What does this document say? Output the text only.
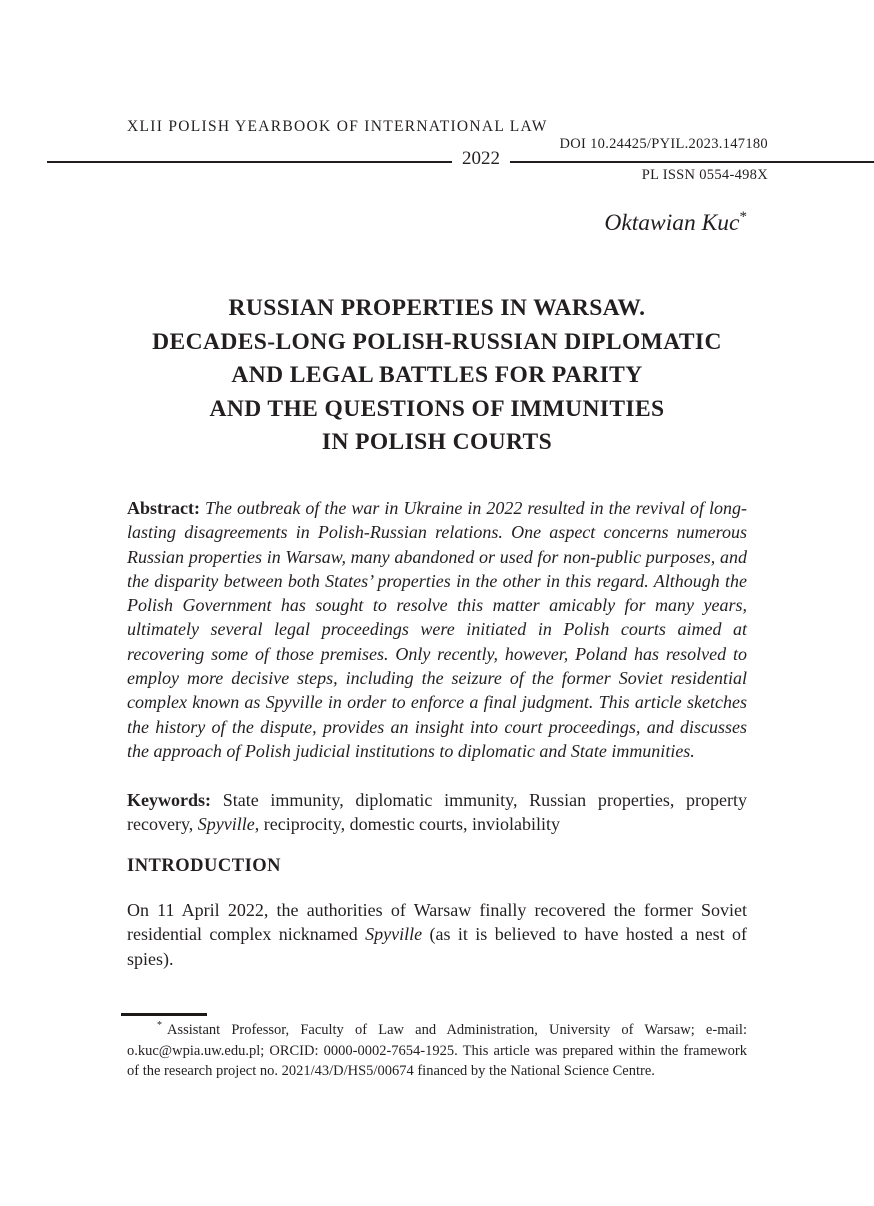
XLII POLISH YEARBOOK OF INTERNATIONAL LAW
2022
DOI 10.24425/PYIL.2023.147180
PL ISSN 0554-498X
Oktawian Kuc*
RUSSIAN PROPERTIES IN WARSAW.
DECADES-LONG POLISH-RUSSIAN DIPLOMATIC
AND LEGAL BATTLES FOR PARITY
AND THE QUESTIONS OF IMMUNITIES
IN POLISH COURTS

Abstract: The outbreak of the war in Ukraine in 2022 resulted in the revival of long-lasting disagreements in Polish-Russian relations. One aspect concerns numerous Russian properties in Warsaw, many abandoned or used for non-public purposes, and the disparity between both States’ properties in the other in this regard. Although the Polish Government has sought to resolve this matter amicably for many years, ultimately several legal proceedings were initiated in Polish courts aimed at recovering some of those premises. Only recently, however, Poland has resolved to employ more decisive steps, including the seizure of the former Soviet residential complex known as Spyville in order to enforce a final judgment. This article sketches the history of the dispute, provides an insight into court proceedings, and discusses the approach of Polish judicial institutions to diplomatic and State immunities.

Keywords: State immunity, diplomatic immunity, Russian properties, property recovery, Spyville, reciprocity, domestic courts, inviolability

INTRODUCTION

On 11 April 2022, the authorities of Warsaw finally recovered the former Soviet residential complex nicknamed Spyville (as it is believed to have hosted a nest of spies).

* Assistant Professor, Faculty of Law and Administration, University of Warsaw; e-mail: o.kuc@wpia.uw.edu.pl; ORCID: 0000-0002-7654-1925. This article was prepared within the framework of the research project no. 2021/43/D/HS5/00674 financed by the National Science Centre.
